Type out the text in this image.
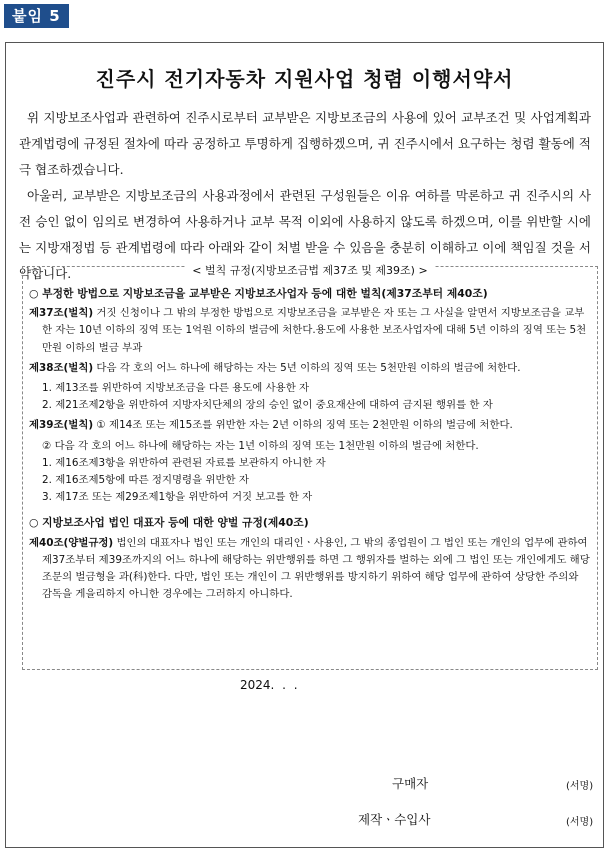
붙임 5
진주시 전기자동차 지원사업 청렴 이행서약서

위 지방보조사업과 관련하여 진주시로부터 교부받은 지방보조금의 사용에 있어 교부조건 및 사업계획과 관계법령에 규정된 절차에 따라 공정하고 투명하게 집행하겠으며, 귀 진주시에서 요구하는 청렴 활동에 적극 협조하겠습니다.

아울러, 교부받은 지방보조금의 사용과정에서 관련된 구성원들은 이유 여하를 막론하고 귀 진주시의 사전 승인 없이 임의로 변경하여 사용하거나 교부 목적 이외에 사용하지 않도록 하겠으며, 이를 위반할 시에는 지방재정법 등 관계법령에 따라 아래와 같이 처벌 받을 수 있음을 충분히 이해하고 이에 책임질 것을 서약합니다.	< 벌칙 규정(지방보조금법 제37조 및 제39조) >
○ 부정한 방법으로 지방보조금을 교부받은 지방보조사업자 등에 대한 벌칙(제37조부터 제40조)
제37조(벌칙) 거짓 신청이나 그 밖의 부정한 방법으로 지방보조금을 교부받은 자 또는 그 사실을 알면서 지방보조금을 교부한 자는 10년 이하의 징역 또는 1억원 이하의 벌금에 처한다.용도에 사용한 보조사업자에 대해 5년 이하의 징역 또는 5천만원 이하의 벌금 부과
제38조(벌칙) 다음 각 호의 어느 하나에 해당하는 자는 5년 이하의 징역 또는 5천만원 이하의 벌금에 처한다.
1. 제13조를 위반하여 지방보조금을 다른 용도에 사용한 자
2. 제21조제2항을 위반하여 지방자치단체의 장의 승인 없이 중요재산에 대하여 금지된 행위를 한 자
제39조(벌칙) ① 제14조 또는 제15조를 위반한 자는 2년 이하의 징역 또는 2천만원 이하의 벌금에 처한다.
② 다음 각 호의 어느 하나에 해당하는 자는 1년 이하의 징역 또는 1천만원 이하의 벌금에 처한다.
1. 제16조제3항을 위반하여 관련된 자료를 보관하지 아니한 자
2. 제16조제5항에 따른 정지명령을 위반한 자
3. 제17조 또는 제29조제1항을 위반하여 거짓 보고를 한 자
○ 지방보조사업 법인 대표자 등에 대한 양벌 규정(제40조)
제40조(양벌규정) 법인의 대표자나 법인 또는 개인의 대리인ㆍ사용인, 그 밖의 종업원이 그 법인 또는 개인의 업무에 관하여 제37조부터 제39조까지의 어느 하나에 해당하는 위반행위를 하면 그 행위자를 벌하는 외에 그 법인 또는 개인에게도 해당 조문의 벌금형을 과(科)한다. 다만, 법인 또는 개인이 그 위반행위를 방지하기 위하여 해당 업무에 관하여 상당한 주의와 감독을 게을리하지 아니한 경우에는 그러하지 아니하다.
2024. . .
구매자	(서명)
제작ㆍ수입사	(서명)
